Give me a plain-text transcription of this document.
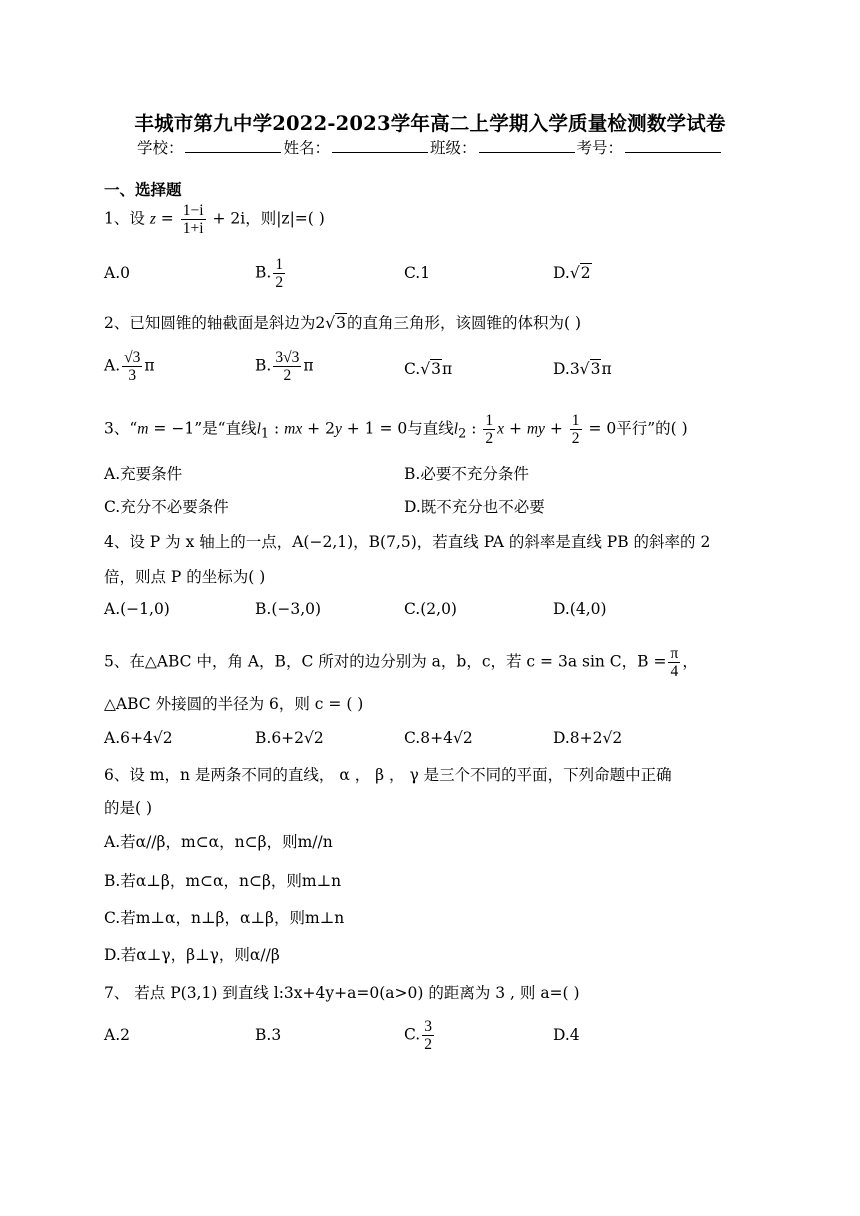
丰城市第九中学2022-2023学年高二上学期入学质量检测数学试卷
学校：	姓名：	班级：	考号：
一、选择题
1、设 $z = \frac{1-i}{1+i} + 2i$，则|z|=( )
A.0	B. $\frac{1}{2}$	C.1	D.√2
2、已知圆锥的轴截面是斜边为2√3的直角三角形，该圆锥的体积为( )
A. $\frac{√3}{3}$ π	B. $\frac{3√3}{2}$ π	C.√3π	D.3√3π
3、“m = −1”是“直线$l_1$ : mx + 2y + 1 = 0与直线$l_2$ : $\frac{1}{2}$ x + my + $\frac{1}{2} = 0$平行”的( )
A.充要条件	B.必要不充分条件
C.充分不必要条件	D.既不充分也不必要
4、设 P 为 x 轴上的一点，A(−2,1)，B(7,5)，若直线 PA 的斜率是直线 PB 的斜率的 2
倍，则点 P 的坐标为( )
A.(−1,0)	B.(−3,0)	C.(2,0)	D.(4,0)
5、在△ABC 中，角 A，B，C 所对的边分别为 a，b，c，若 c = 3a sin C，$B = \frac{\pi}{4}$ ，
△ABC 外接圆的半径为 6，则 c = ( )
A.6+4√2	B.6+2√2	C.8+4√2	D.8+2√2
6、设 m，n 是两条不同的直线， α ， β ， γ 是三个不同的平面，下列命题中正确
的是( )
A.若α//β，m⊂α，n⊂β，则m//n
B.若α⊥β，m⊂α，n⊂β，则m⊥n
C.若m⊥α，n⊥β，α⊥β，则m⊥n
D.若α⊥γ，β⊥γ，则α//β
7、 若点 P(3,1) 到直线 l:3x+4y+a=0(a>0) 的距离为 3 , 则 a=( )
A.2	B.3	C. $\frac{3}{2}$	D.4
